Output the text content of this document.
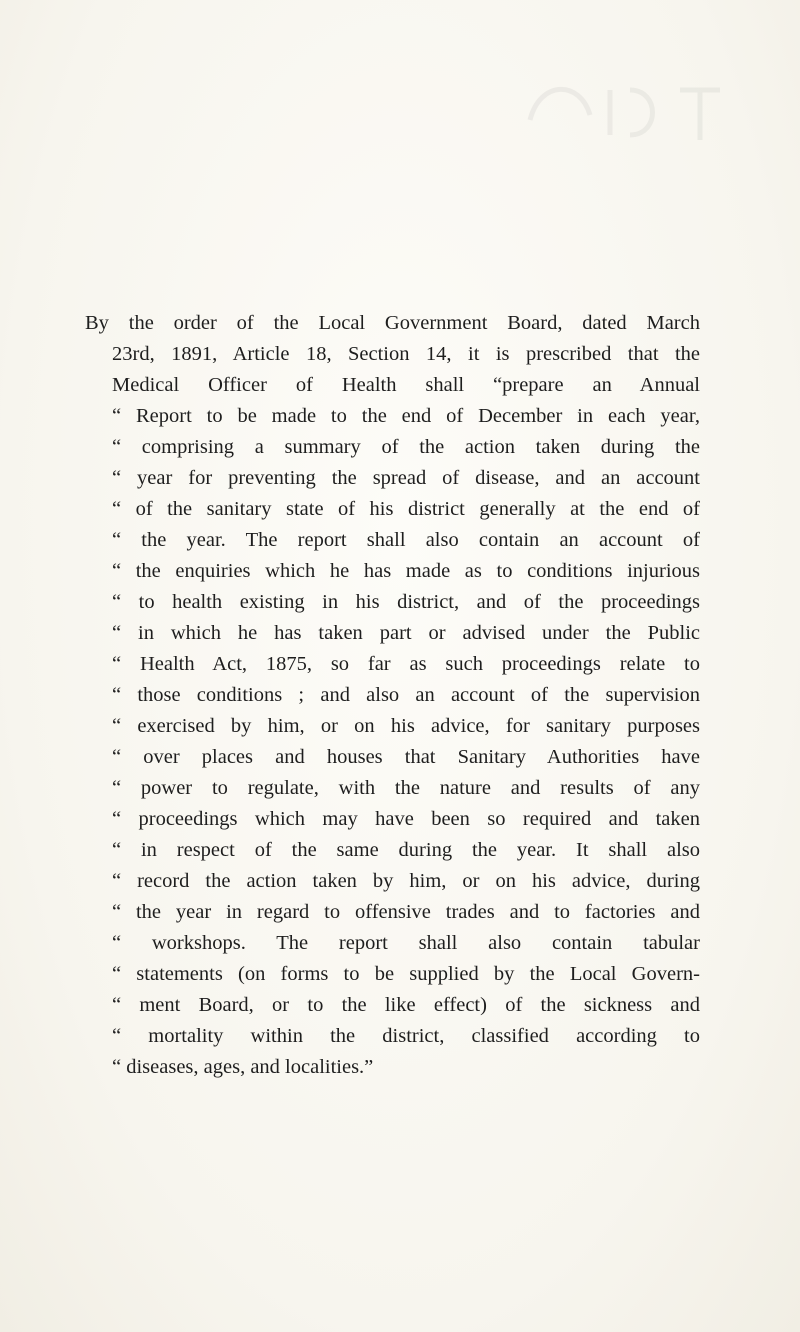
By the order of the Local Government Board, dated March
23rd, 1891, Article 18, Section 14, it is prescribed that the
Medical Officer of Health shall “prepare an Annual
“ Report to be made to the end of December in each year,
“ comprising a summary of the action taken during the
“ year for preventing the spread of disease, and an account
“ of the sanitary state of his district generally at the end of
“ the year. The report shall also contain an account of
“ the enquiries which he has made as to conditions injurious
“ to health existing in his district, and of the proceedings
“ in which he has taken part or advised under the Public
“ Health Act, 1875, so far as such proceedings relate to
“ those conditions ; and also an account of the supervision
“ exercised by him, or on his advice, for sanitary purposes
“ over places and houses that Sanitary Authorities have
“ power to regulate, with the nature and results of any
“ proceedings which may have been so required and taken
“ in respect of the same during the year. It shall also
“ record the action taken by him, or on his advice, during
“ the year in regard to offensive trades and to factories and
“ workshops. The report shall also contain tabular
“ statements (on forms to be supplied by the Local Govern-
“ ment Board, or to the like effect) of the sickness and
“ mortality within the district, classified according to
“ diseases, ages, and localities.”
